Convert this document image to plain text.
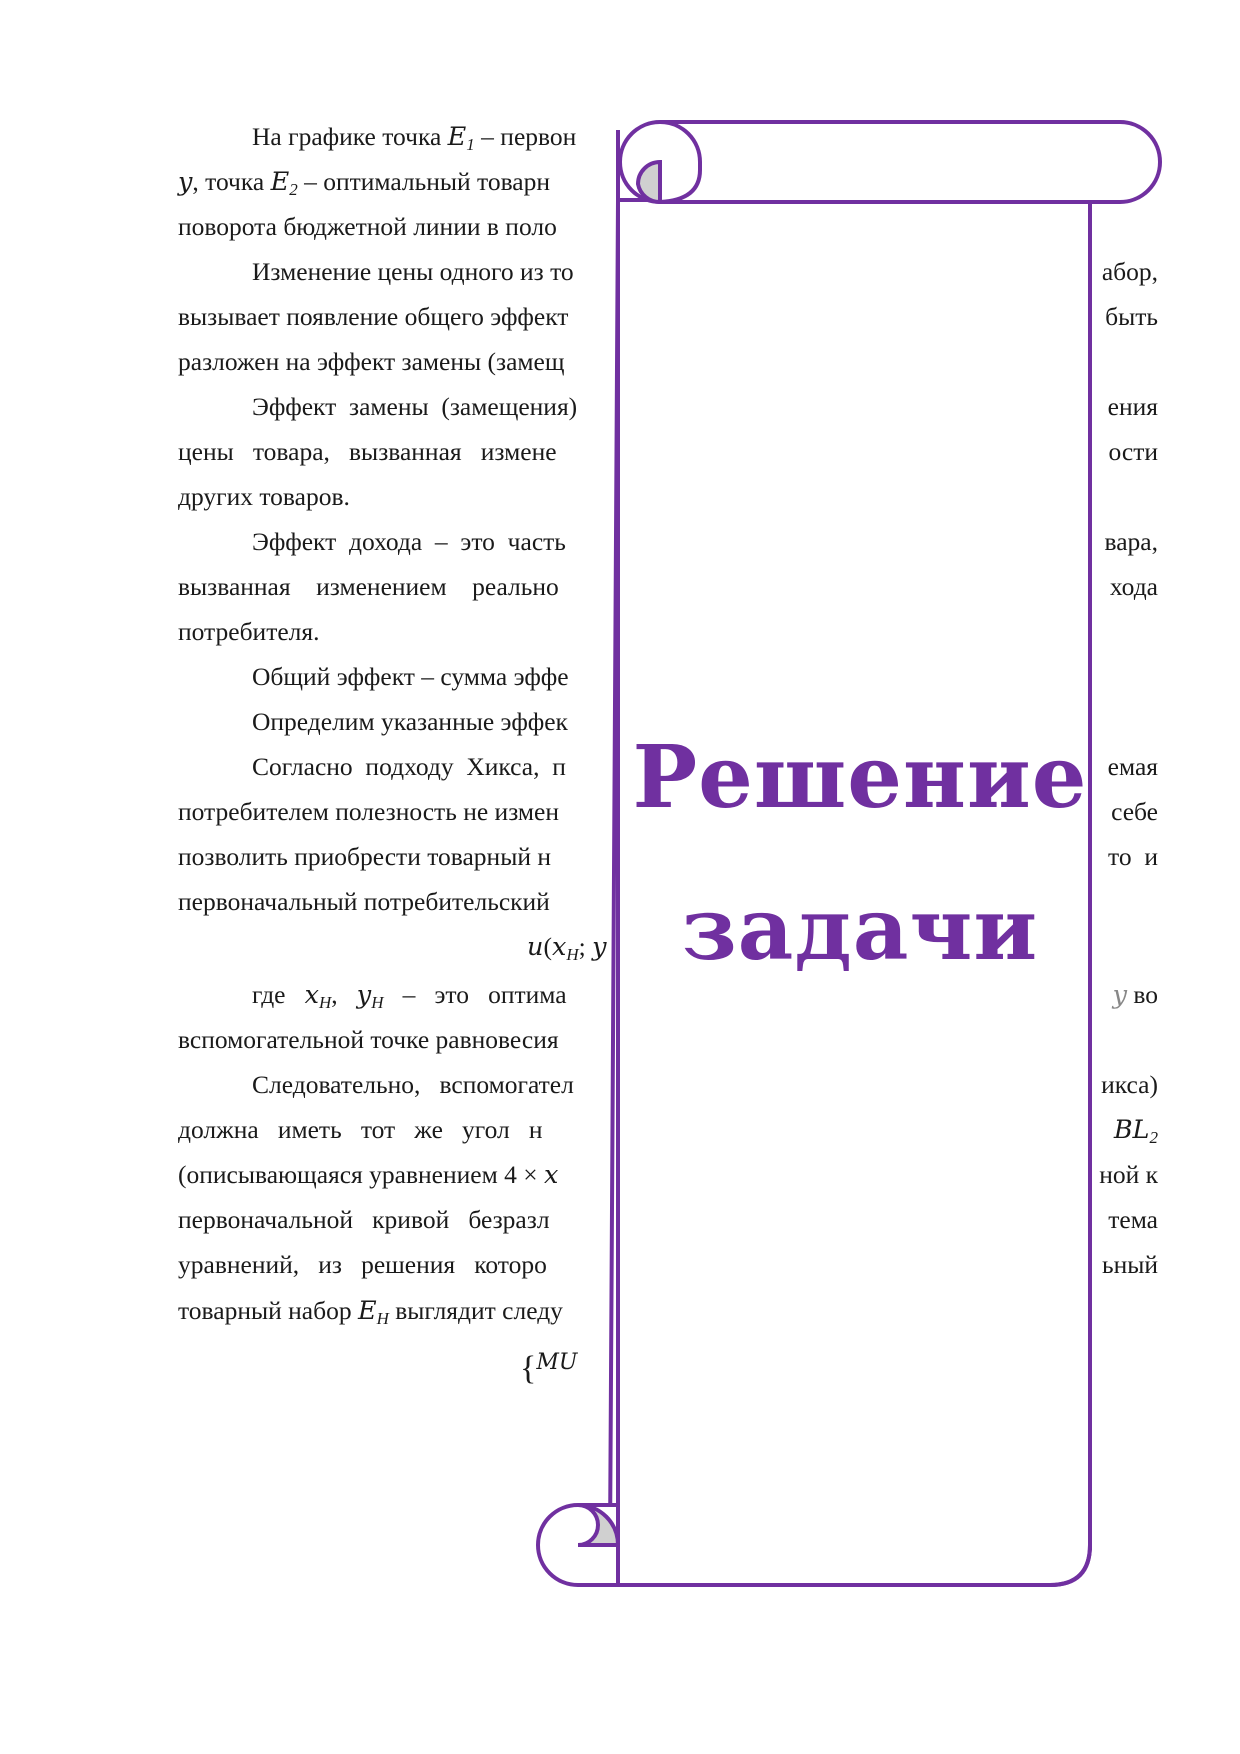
На графике точка $E_1$ – первон
y, точка $E_2$ – оптимальный товарн
поворота бюджетной линии в поло
Изменение цены одного из то	абор,
вызывает появление общего эффект	быть
разложен на эффект замены (замещ
Эффект  замены  (замещения)	ения
цены   товара,   вызванная   измене	ости
других товаров.
Эффект  дохода  –  это  часть	вара,
вызванная    изменением    реально	хода
потребителя.
Общий эффект – сумма эффе
Определим указанные эффек
Согласно  подходу  Хикса,  п	емая
потребителем полезность не измен	себе
позволить приобрести товарный н	то  и
первоначальный потребительский
$u(x_H$; y
где   $x_H$,   $y_H$   –   это   оптима	y во
вспомогательной точке равновесия
Следовательно,   вспомогател	икса)
должна   иметь   тот   же   угол   н	$BL_2$
(описывающаяся уравнением 4 × x	ной к
первоначальной   кривой   безразл	тема
уравнений,   из   решения   которо	ьный
товарный набор $E_H$ выглядит следу
{$^{MU}$
Решение
задачи
